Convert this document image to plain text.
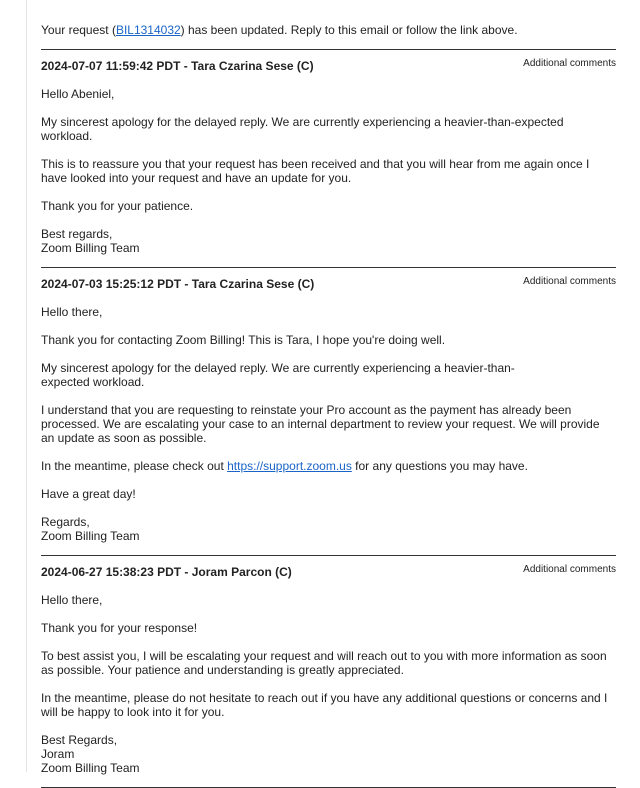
Your request (BIL1314032) has been updated. Reply to this email or follow the link above.

2024-07-07 11:59:42 PDT - Tara Czarina Sese (C)	Additional comments

Hello Abeniel,

My sincerest apology for the delayed reply. We are currently experiencing a heavier-than-expected
workload.

This is to reassure you that your request has been received and that you will hear from me again once I
have looked into your request and have an update for you.

Thank you for your patience.

Best regards,
Zoom Billing Team

2024-07-03 15:25:12 PDT - Tara Czarina Sese (C)	Additional comments

Hello there,

Thank you for contacting Zoom Billing! This is Tara, I hope you're doing well.

My sincerest apology for the delayed reply. We are currently experiencing a heavier-than-
expected workload.

I understand that you are requesting to reinstate your Pro account as the payment has already been
processed. We are escalating your case to an internal department to review your request. We will provide
an update as soon as possible.

In the meantime, please check out https://support.zoom.us for any questions you may have.

Have a great day!

Regards,
Zoom Billing Team

2024-06-27 15:38:23 PDT - Joram Parcon (C)	Additional comments

Hello there,

Thank you for your response!

To best assist you, I will be escalating your request and will reach out to you with more information as soon
as possible. Your patience and understanding is greatly appreciated.

In the meantime, please do not hesitate to reach out if you have any additional questions or concerns and I
will be happy to look into it for you.

Best Regards,
Joram
Zoom Billing Team
